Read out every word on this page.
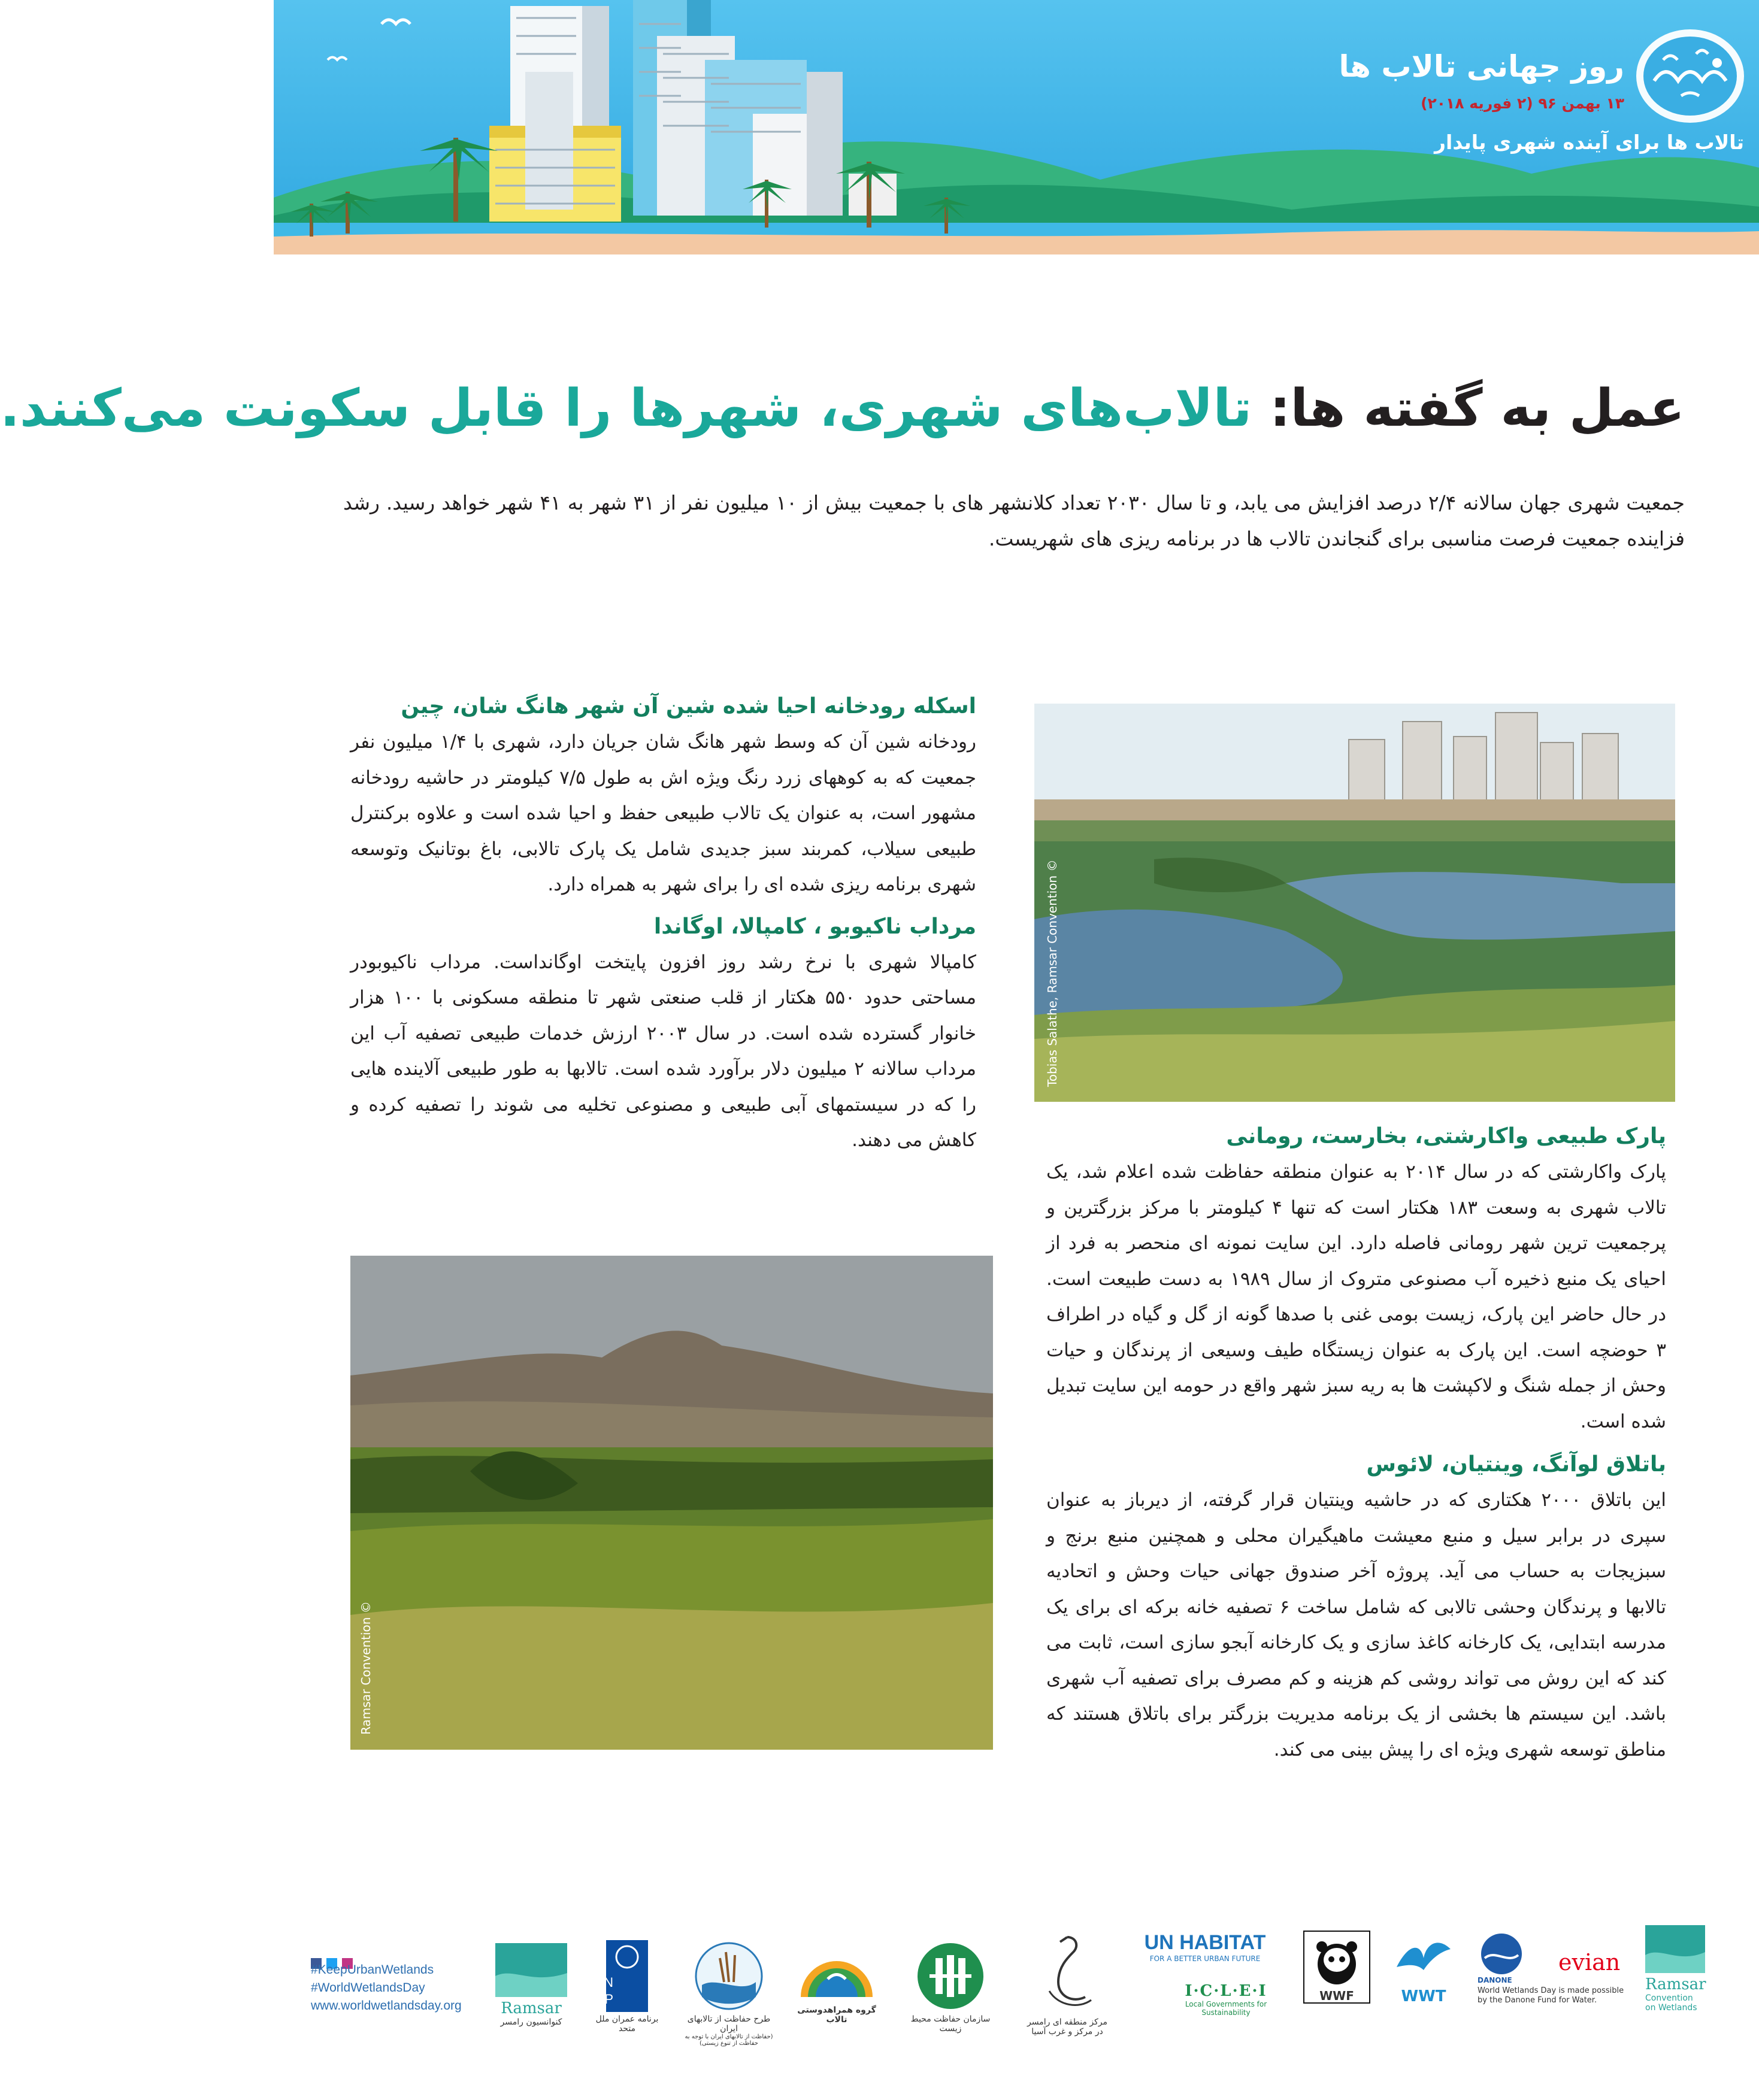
روز جهانی تالاب ها
۱۳ بهمن ۹۶ (۲ فوریه ۲۰۱۸)
تالاب ها برای آینده شهری پایدار
عمل به گفته ها: تالاب‌های شهری، شهرها را قابل سکونت می‌کنند.
جمعیت شهری جهان سالانه ۲/۴ درصد افزایش می یابد، و تا سال ۲۰۳۰ تعداد کلانشهر های با جمعیت بیش از ۱۰ میلیون نفر از ۳۱ شهر به ۴۱ شهر خواهد رسید. رشد فزاینده جمعیت فرصت مناسبی برای گنجاندن تالاب ها در برنامه ریزی های شهریست.
اسکله رودخانه احیا شده شین آن شهر هانگ شان، چین

رودخانه شین آن که وسط شهر هانگ شان جریان دارد، شهری با ۱/۴ میلیون نفر جمعیت که به کوههای زرد رنگ ویژه اش به طول ۷/۵ کیلومتر در حاشیه رودخانه مشهور است، به عنوان یک تالاب طبیعی حفظ و احیا شده است و علاوه برکنترل طبیعی سیلاب، کمربند سبز جدیدی شامل یک پارک تالابی، باغ بوتانیک وتوسعه شهری برنامه ریزی شده ای را برای شهر به همراه دارد.

مرداب ناکیوبو ، کامپالا، اوگاندا

کامپالا شهری با نرخ رشد روز افزون پایتخت اوگانداست. مرداب ناکیوبودر مساحتی حدود ۵۵۰ هکتار از قلب صنعتی شهر تا منطقه مسکونی با ۱۰۰ هزار خانوار گسترده شده است. در سال ۲۰۰۳ ارزش خدمات طبیعی تصفیه آب این مرداب سالانه ۲ میلیون دلار برآورد شده است. تالابها به طور طبیعی آلاینده هایی را که در سیستمهای آبی طبیعی و مصنوعی تخلیه می شوند را تصفیه کرده و کاهش می دهند.

© Tobias Salathe, Ramsar Convention
پارک طبیعی واکارشتی، بخارست، رومانی

پارک واکارشتی که در سال ۲۰۱۴ به عنوان منطقه حفاظت شده اعلام شد، یک تالاب شهری به وسعت ۱۸۳ هکتار است که تنها ۴ کیلومتر با مرکز بزرگترین و پرجمعیت ترین شهر رومانی فاصله دارد. این سایت نمونه ای منحصر به فرد از احیای یک منبع ذخیره آب مصنوعی متروک از سال ۱۹۸۹ به دست طبیعت است. در حال حاضر این پارک، زیست بومی غنی با صدها گونه از گل و گیاه در اطراف ۳ حوضچه است. این پارک به عنوان زیستگاه طیف وسیعی از پرندگان و حیات وحش از جمله شنگ و لاکپشت ها به ریه سبز شهر واقع در حومه این سایت تبدیل شده است.

باتلاق لوآنگ، وینتیان، لائوس

این باتلاق ۲۰۰۰ هکتاری که در حاشیه وینتیان قرار گرفته، از دیرباز به عنوان سپری در برابر سیل و منبع معیشت ماهیگیران محلی و همچنین منبع برنج و سبزیجات به حساب می آید. پروژه آخر صندوق جهانی حیات وحش و اتحادیه تالابها و پرندگان وحشی تالابی که شامل ساخت ۶ تصفیه خانه برکه ای برای یک مدرسه ابتدایی، یک کارخانه کاغذ سازی و یک کارخانه آبجو سازی است، ثابت می کند که این روش می تواند روشی کم هزینه و کم مصرف برای تصفیه آب شهری باشد. این سیستم ها بخشی از یک برنامه مدیریت بزرگتر برای باتلاق هستند که مناطق توسعه شهری ویژه ای را پیش بینی می کند.

© Ramsar Convention
#KeepUrbanWetlands
#WorldWetlandsDay
www.worldwetlandsday.org	Ramsar
کنوانسیون رامسر
U N
D P
برنامه عمران ملل متحد
طرح حفاظت از تالابهای ایران
(حفاظت از تالابهای ایران با توجه به حفاظت از تنوع زیستی)
گروه همراهدوستی تالاب	سازمان حفاظت محیط زیست
مرکز منطقه ای رامسر در مرکز و غرب آسیا
UN HABITAT
FOR A BETTER URBAN FUTURE
I·C·L·E·I
Local Governments for Sustainability
WWF	WWT
DANONE
evian
World Wetlands Day is made possible by the Danone Fund for Water.
Ramsar
Convention on Wetlands
